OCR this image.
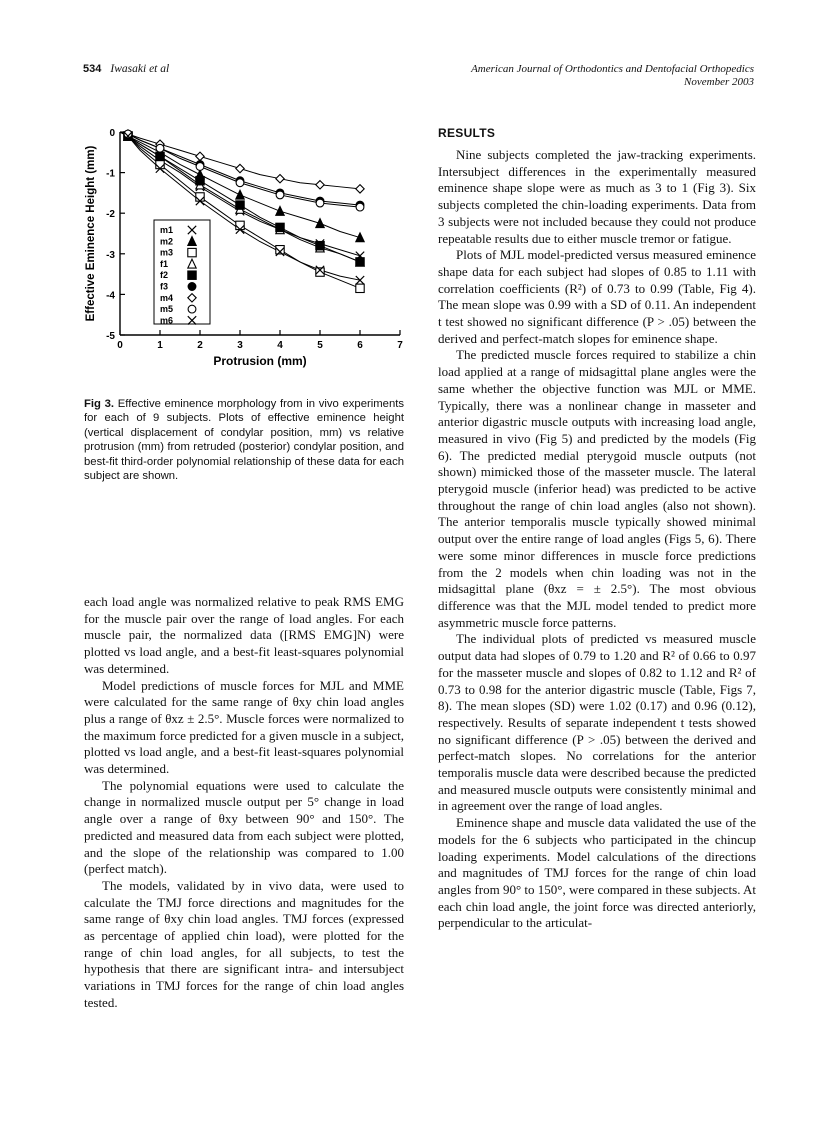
534 Iwasaki et al	American Journal of Orthodontics and Dentofacial Orthopedics
November 2003
0	1	2	3	4	5	6	7
0
-1
-2
-3
-4
-5
Protrusion (mm)
Effective Eminence Height (mm)	m1
m2
m3
f1
f2
f3
m4
m5
m6
Fig 3. Effective eminence morphology from in vivo experiments for each of 9 subjects. Plots of effective eminence height (vertical displacement of condylar position, mm) vs relative protrusion (mm) from retruded (posterior) condylar position, and best-fit third-order polynomial relationship of these data for each subject are shown.

each load angle was normalized relative to peak RMS EMG for the muscle pair over the range of load angles. For each muscle pair, the normalized data ([RMS EMG]N) were plotted vs load angle, and a best-fit least-squares polynomial was determined.

Model predictions of muscle forces for MJL and MME were calculated for the same range of θxy chin load angles plus a range of θxz ± 2.5°. Muscle forces were normalized to the maximum force predicted for a given muscle in a subject, plotted vs load angle, and a best-fit least-squares polynomial was determined.

The polynomial equations were used to calculate the change in normalized muscle output per 5° change in load angle over a range of θxy between 90° and 150°. The predicted and measured data from each subject were plotted, and the slope of the relationship was compared to 1.00 (perfect match).

The models, validated by in vivo data, were used to calculate the TMJ force directions and magnitudes for the same range of θxy chin load angles. TMJ forces (expressed as percentage of applied chin load), were plotted for the range of chin load angles, for all subjects, to test the hypothesis that there are significant intra- and intersubject variations in TMJ forces for the range of chin load angles tested.

RESULTS

Nine subjects completed the jaw-tracking experiments. Intersubject differences in the experimentally measured eminence shape slope were as much as 3 to 1 (Fig 3). Six subjects completed the chin-loading experiments. Data from 3 subjects were not included because they could not produce repeatable results due to either muscle tremor or fatigue.

Plots of MJL model-predicted versus measured eminence shape data for each subject had slopes of 0.85 to 1.11 with correlation coefficients (R²) of 0.73 to 0.99 (Table, Fig 4). The mean slope was 0.99 with a SD of 0.11. An independent t test showed no significant difference (P > .05) between the derived and perfect-match slopes for eminence shape.

The predicted muscle forces required to stabilize a chin load applied at a range of midsagittal plane angles were the same whether the objective function was MJL or MME. Typically, there was a nonlinear change in masseter and anterior digastric muscle outputs with increasing load angle, measured in vivo (Fig 5) and predicted by the models (Fig 6). The predicted medial pterygoid muscle outputs (not shown) mimicked those of the masseter muscle. The lateral pterygoid muscle (inferior head) was predicted to be active throughout the range of chin load angles (also not shown). The anterior temporalis muscle typically showed minimal output over the entire range of load angles (Figs 5, 6). There were some minor differences in muscle force predictions from the 2 models when chin loading was not in the midsagittal plane (θxz = ± 2.5°). The most obvious difference was that the MJL model tended to predict more asymmetric muscle force patterns.

The individual plots of predicted vs measured muscle output data had slopes of 0.79 to 1.20 and R² of 0.66 to 0.97 for the masseter muscle and slopes of 0.82 to 1.12 and R² of 0.73 to 0.98 for the anterior digastric muscle (Table, Figs 7, 8). The mean slopes (SD) were 1.02 (0.17) and 0.96 (0.12), respectively. Results of separate independent t tests showed no significant difference (P > .05) between the derived and perfect-match slopes. No correlations for the anterior temporalis muscle data were described because the predicted and measured muscle outputs were consistently minimal and in agreement over the range of load angles.

Eminence shape and muscle data validated the use of the models for the 6 subjects who participated in the chincup loading experiments. Model calculations of the directions and magnitudes of TMJ forces for the range of chin load angles from 90° to 150°, were compared in these subjects. At each chin load angle, the joint force was directed anteriorly, perpendicular to the articulat-
